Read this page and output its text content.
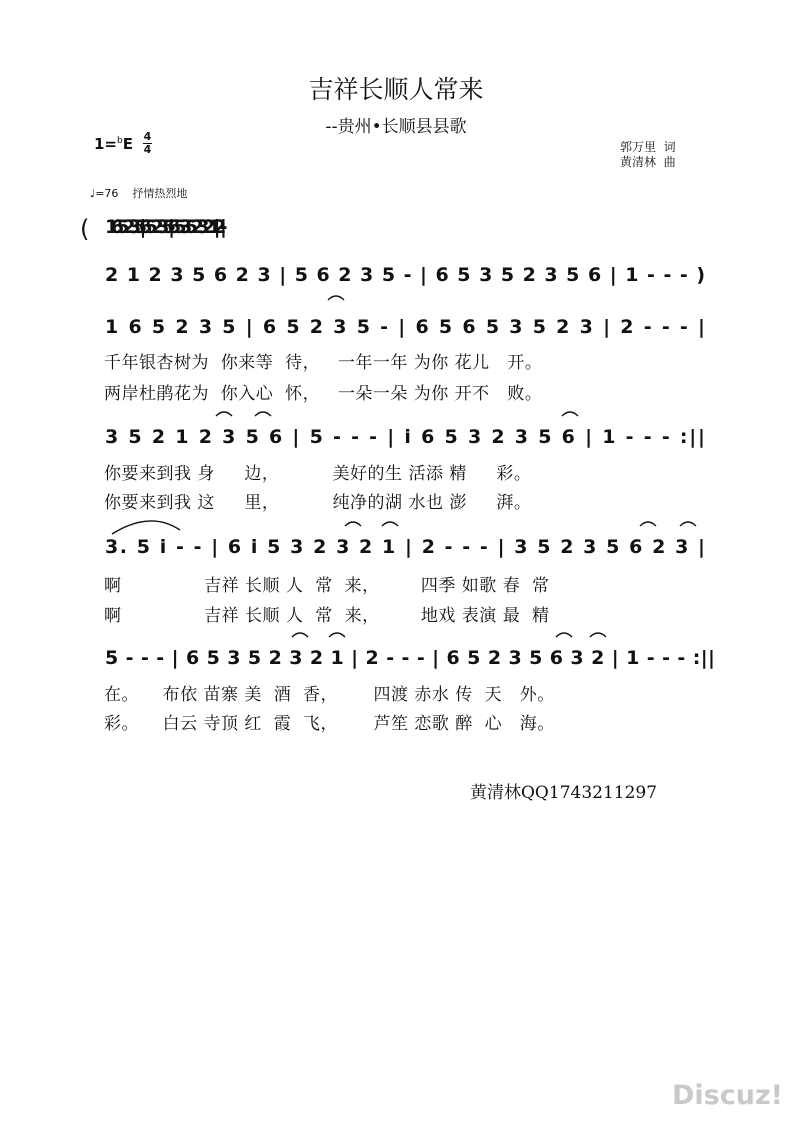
吉祥长顺人常来
--贵州•长顺县县歌
1=$^b$E 4
4	郭万里  词
黄清林  曲
♩=76    抒情热烈地
( 1 6 5 2 3 5 | 6 5 2 3 5 - | 6 5 3 5 2 3 2 1 | 2 - - - |
2 1 2 3 5 6 2 3 | 5 6 2 3 5 - | 6 5 3 5 2 3 5 6 | 1 - - - )
1 6 5 2 3 5 | 6 5 2 3 5 - | 6 5 6 5 3 5 2 3 | 2 - - - |
3 5 2 1 2 3 5 6 | 5 - - - | i 6 5 3 2 3 5 6 | 1 - - - :||
3. 5 i - - | 6 i 5 3 2 3 2 1 | 2 - - - | 3 5 2 3 5 6 2 3 |
5 - - - | 6 5 3 5 2 3 2 1 | 2 - - - | 6 5 2 3 5 6 3 2 | 1 - - - :||
千年银杏树为  你来等  待，   一年一年 为你 花儿   开。
两岸杜鹃花为  你入心  怀，   一朵一朵 为你 开不   败。
你要来到我 身     边，         美好的生 活添 精     彩。
你要来到我 这     里，         纯净的湖 水也 澎     湃。
啊              吉祥 长顺 人  常  来，       四季 如歌 春  常
啊              吉祥 长顺 人  常  来，       地戏 表演 最  精
在。    布依 苗寨 美  酒  香，      四渡 赤水 传  天   外。
彩。    白云 寺顶 红  霞  飞，      芦笙 恋歌 醉  心   海。
黄清林QQ1743211297
Discuz!
